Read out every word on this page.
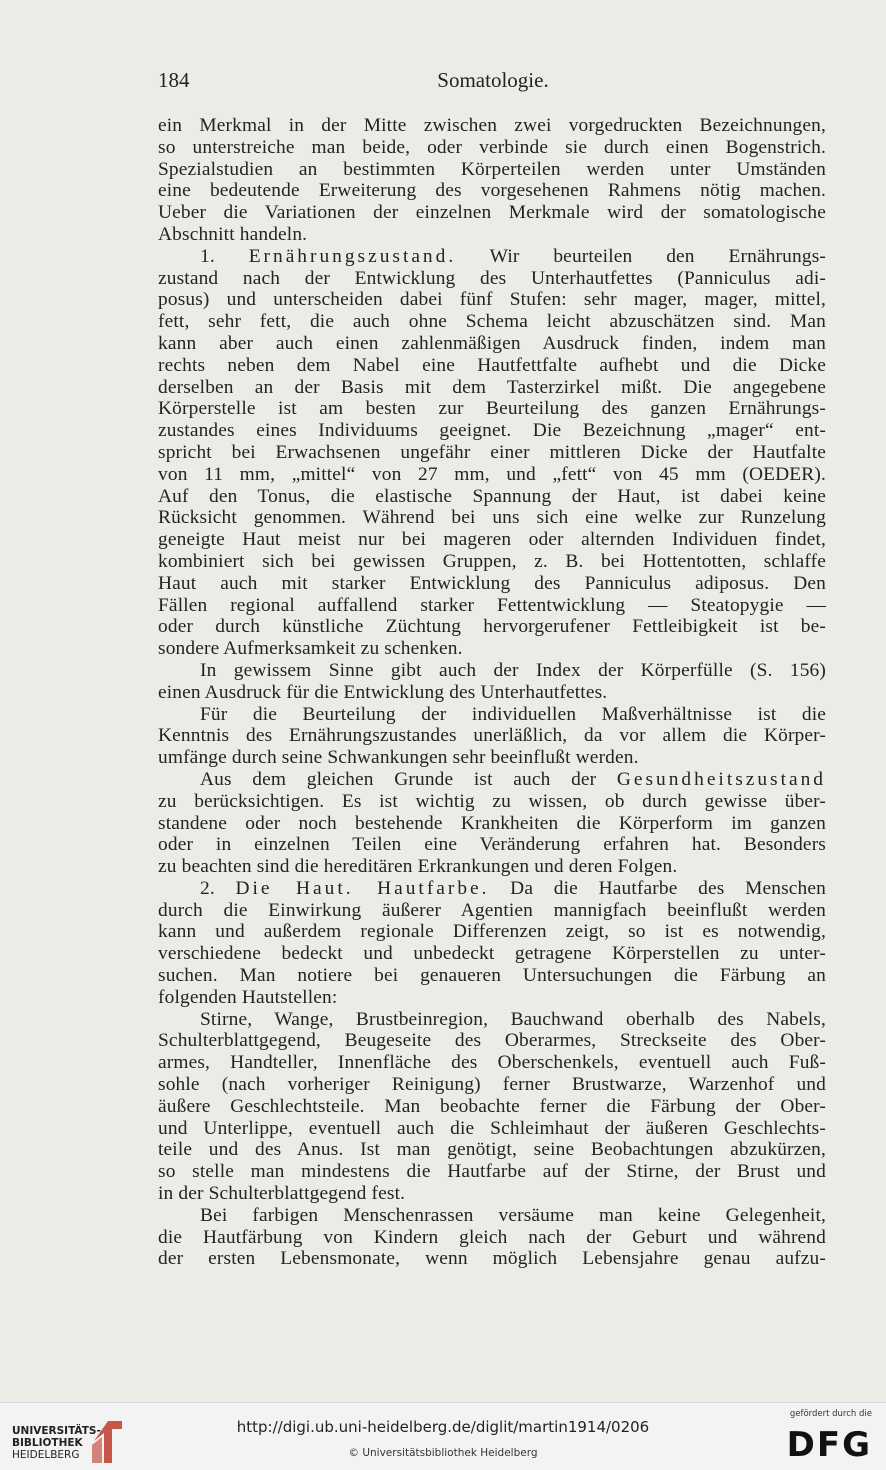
184	Somatologie.
ein Merkmal in der Mitte zwischen zwei vorgedruckten Bezeichnungen,
so unterstreiche man beide, oder verbinde sie durch einen Bogenstrich.
Spezialstudien an bestimmten Körperteilen werden unter Umständen
eine bedeutende Erweiterung des vorgesehenen Rahmens nötig machen.
Ueber die Variationen der einzelnen Merkmale wird der somatologische
Abschnitt handeln.
1. Ernährungszustand. Wir beurteilen den Ernährungs-
zustand nach der Entwicklung des Unterhautfettes (Panniculus adi-
posus) und unterscheiden dabei fünf Stufen: sehr mager, mager, mittel,
fett, sehr fett, die auch ohne Schema leicht abzuschätzen sind. Man
kann aber auch einen zahlenmäßigen Ausdruck finden, indem man
rechts neben dem Nabel eine Hautfettfalte aufhebt und die Dicke
derselben an der Basis mit dem Tasterzirkel mißt. Die angegebene
Körperstelle ist am besten zur Beurteilung des ganzen Ernährungs-
zustandes eines Individuums geeignet. Die Bezeichnung „mager“ ent-
spricht bei Erwachsenen ungefähr einer mittleren Dicke der Hautfalte
von 11 mm, „mittel“ von 27 mm, und „fett“ von 45 mm (OEDER).
Auf den Tonus, die elastische Spannung der Haut, ist dabei keine
Rücksicht genommen. Während bei uns sich eine welke zur Runzelung
geneigte Haut meist nur bei mageren oder alternden Individuen findet,
kombiniert sich bei gewissen Gruppen, z. B. bei Hottentotten, schlaffe
Haut auch mit starker Entwicklung des Panniculus adiposus. Den
Fällen regional auffallend starker Fettentwicklung — Steatopygie —
oder durch künstliche Züchtung hervorgerufener Fettleibigkeit ist be-
sondere Aufmerksamkeit zu schenken.
In gewissem Sinne gibt auch der Index der Körperfülle (S. 156)
einen Ausdruck für die Entwicklung des Unterhautfettes.
Für die Beurteilung der individuellen Maßverhältnisse ist die
Kenntnis des Ernährungszustandes unerläßlich, da vor allem die Körper-
umfänge durch seine Schwankungen sehr beeinflußt werden.
Aus dem gleichen Grunde ist auch der Gesundheitszustand
zu berücksichtigen. Es ist wichtig zu wissen, ob durch gewisse über-
standene oder noch bestehende Krankheiten die Körperform im ganzen
oder in einzelnen Teilen eine Veränderung erfahren hat. Besonders
zu beachten sind die hereditären Erkrankungen und deren Folgen.
2. Die Haut. Hautfarbe. Da die Hautfarbe des Menschen
durch die Einwirkung äußerer Agentien mannigfach beeinflußt werden
kann und außerdem regionale Differenzen zeigt, so ist es notwendig,
verschiedene bedeckt und unbedeckt getragene Körperstellen zu unter-
suchen. Man notiere bei genaueren Untersuchungen die Färbung an
folgenden Hautstellen:
Stirne, Wange, Brustbeinregion, Bauchwand oberhalb des Nabels,
Schulterblattgegend, Beugeseite des Oberarmes, Streckseite des Ober-
armes, Handteller, Innenfläche des Oberschenkels, eventuell auch Fuß-
sohle (nach vorheriger Reinigung) ferner Brustwarze, Warzenhof und
äußere Geschlechtsteile. Man beobachte ferner die Färbung der Ober-
und Unterlippe, eventuell auch die Schleimhaut der äußeren Geschlechts-
teile und des Anus. Ist man genötigt, seine Beobachtungen abzukürzen,
so stelle man mindestens die Hautfarbe auf der Stirne, der Brust und
in der Schulterblattgegend fest.
Bei farbigen Menschenrassen versäume man keine Gelegenheit,
die Hautfärbung von Kindern gleich nach der Geburt und während
der ersten Lebensmonate, wenn möglich Lebensjahre genau aufzu-
UNIVERSITÄTS-
BIBLIOTHEK
HEIDELBERG
http://digi.ub.uni-heidelberg.de/diglit/martin1914/0206
© Universitätsbibliothek Heidelberg
gefördert durch die
DFG
